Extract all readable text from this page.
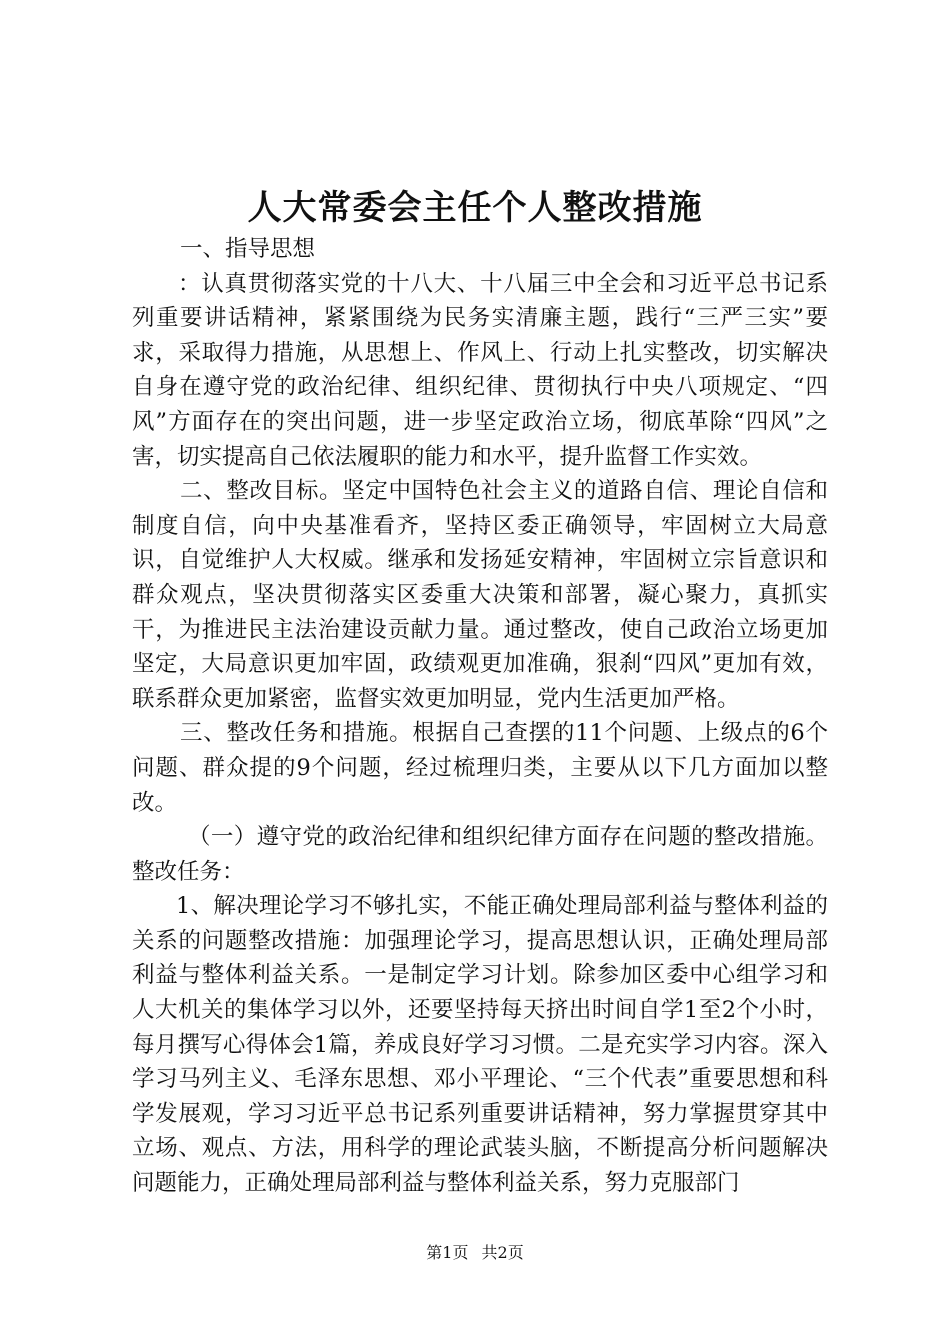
人大常委会主任个人整改措施

一、指导思想

：认真贯彻落实党的十八大、十八届三中全会和习近平总书记系列重要讲话精神，紧紧围绕为民务实清廉主题，践行“三严三实”要求，采取得力措施，从思想上、作风上、行动上扎实整改，切实解决自身在遵守党的政治纪律、组织纪律、贯彻执行中央八项规定、“四风”方面存在的突出问题，进一步坚定政治立场，彻底革除“四风”之害，切实提高自己依法履职的能力和水平，提升监督工作实效。

二、整改目标。坚定中国特色社会主义的道路自信、理论自信和制度自信，向中央基准看齐，坚持区委正确领导，牢固树立大局意识，自觉维护人大权威。继承和发扬延安精神，牢固树立宗旨意识和群众观点，坚决贯彻落实区委重大决策和部署，凝心聚力，真抓实干，为推进民主法治建设贡献力量。通过整改，使自己政治立场更加坚定，大局意识更加牢固，政绩观更加准确，狠刹“四风”更加有效，联系群众更加紧密，监督实效更加明显，党内生活更加严格。

三、整改任务和措施。根据自己查摆的11个问题、上级点的6个问题、群众提的9个问题，经过梳理归类，主要从以下几方面加以整改。

（一）遵守党的政治纪律和组织纪律方面存在问题的整改措施。整改任务：

1、解决理论学习不够扎实，不能正确处理局部利益与整体利益的关系的问题整改措施：加强理论学习，提高思想认识，正确处理局部利益与整体利益关系。一是制定学习计划。除参加区委中心组学习和人大机关的集体学习以外，还要坚持每天挤出时间自学1至2个小时，每月撰写心得体会1篇，养成良好学习习惯。二是充实学习内容。深入学习马列主义、毛泽东思想、邓小平理论、“三个代表”重要思想和科学发展观，学习习近平总书记系列重要讲话精神，努力掌握贯穿其中立场、观点、方法，用科学的理论武装头脑，不断提高分析问题解决问题能力，正确处理局部利益与整体利益关系，努力克服部门

第1页 共2页
